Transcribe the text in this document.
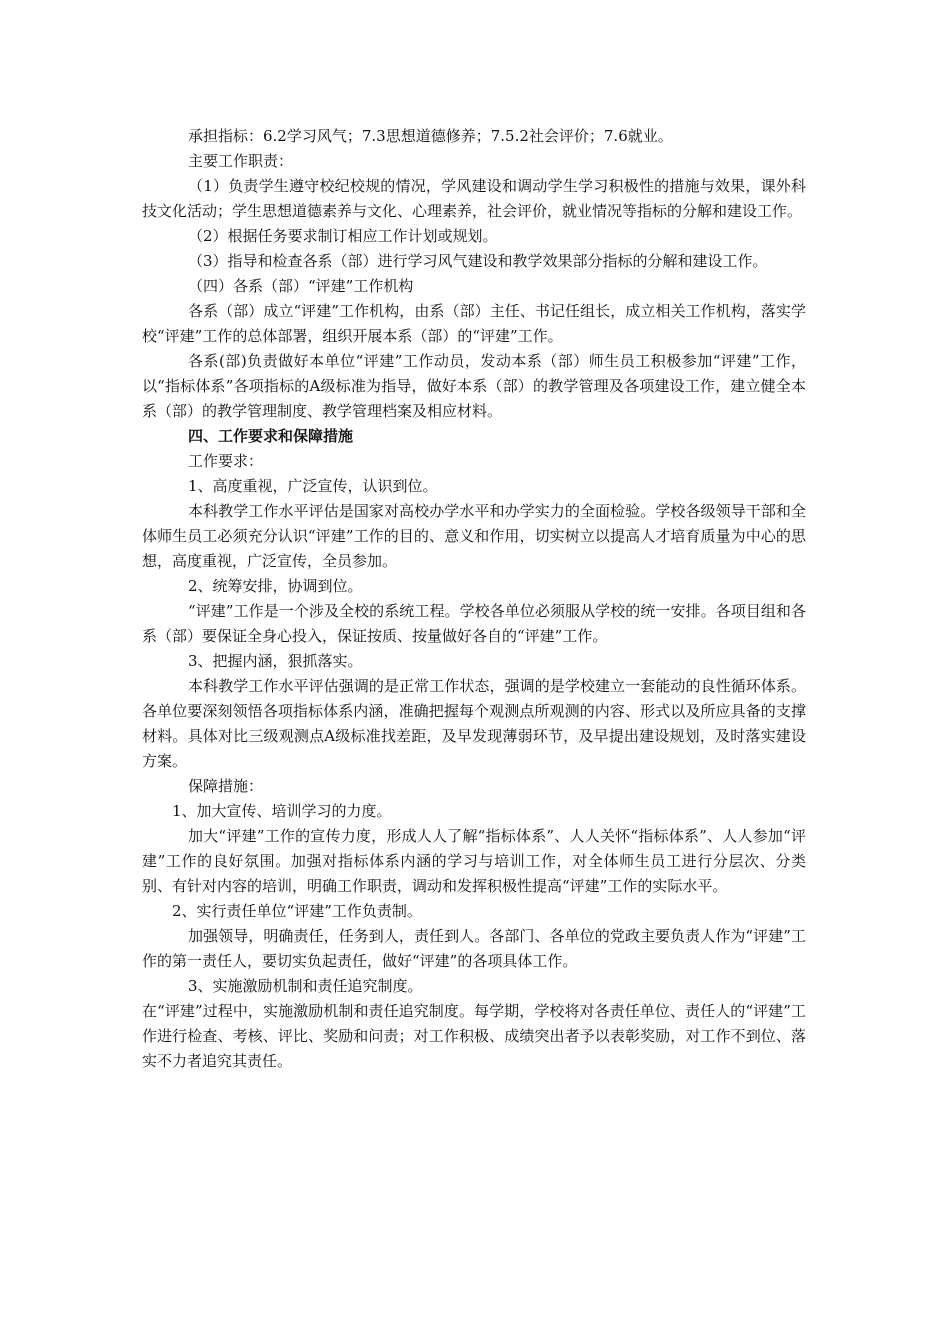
承担指标：6.2学习风气；7.3思想道德修养；7.5.2社会评价；7.6就业。

主要工作职责：

（1）负责学生遵守校纪校规的情况，学风建设和调动学生学习积极性的措施与效果，课外科技文化活动；学生思想道德素养与文化、心理素养，社会评价，就业情况等指标的分解和建设工作。

（2）根据任务要求制订相应工作计划或规划。

（3）指导和检查各系（部）进行学习风气建设和教学效果部分指标的分解和建设工作。

（四）各系（部）“评建”工作机构

各系（部）成立“评建”工作机构，由系（部）主任、书记任组长，成立相关工作机构，落实学校“评建”工作的总体部署，组织开展本系（部）的“评建”工作。

各系(部)负责做好本单位“评建”工作动员，发动本系（部）师生员工积极参加“评建”工作，以“指标体系”各项指标的A级标准为指导，做好本系（部）的教学管理及各项建设工作，建立健全本系（部）的教学管理制度、教学管理档案及相应材料。

四、工作要求和保障措施

工作要求：

1、高度重视，广泛宣传，认识到位。

本科教学工作水平评估是国家对高校办学水平和办学实力的全面检验。学校各级领导干部和全体师生员工必须充分认识“评建”工作的目的、意义和作用，切实树立以提高人才培育质量为中心的思想，高度重视，广泛宣传，全员参加。

2、统筹安排，协调到位。

“评建”工作是一个涉及全校的系统工程。学校各单位必须服从学校的统一安排。各项目组和各系（部）要保证全身心投入，保证按质、按量做好各自的“评建”工作。

3、把握内涵，狠抓落实。

本科教学工作水平评估强调的是正常工作状态，强调的是学校建立一套能动的良性循环体系。各单位要深刻领悟各项指标体系内涵，准确把握每个观测点所观测的内容、形式以及所应具备的支撑材料。具体对比三级观测点A级标准找差距，及早发现薄弱环节，及早提出建设规划，及时落实建设方案。

保障措施：

1、加大宣传、培训学习的力度。

加大“评建”工作的宣传力度，形成人人了解“指标体系”、人人关怀“指标体系”、人人参加“评建”工作的良好氛围。加强对指标体系内涵的学习与培训工作，对全体师生员工进行分层次、分类别、有针对内容的培训，明确工作职责，调动和发挥积极性提高“评建”工作的实际水平。

2、实行责任单位“评建”工作负责制。

加强领导，明确责任，任务到人，责任到人。各部门、各单位的党政主要负责人作为“评建”工作的第一责任人，要切实负起责任，做好“评建”的各项具体工作。

3、实施激励机制和责任追究制度。

在“评建”过程中，实施激励机制和责任追究制度。每学期，学校将对各责任单位、责任人的“评建”工作进行检查、考核、评比、奖励和问责；对工作积极、成绩突出者予以表彰奖励，对工作不到位、落实不力者追究其责任。
